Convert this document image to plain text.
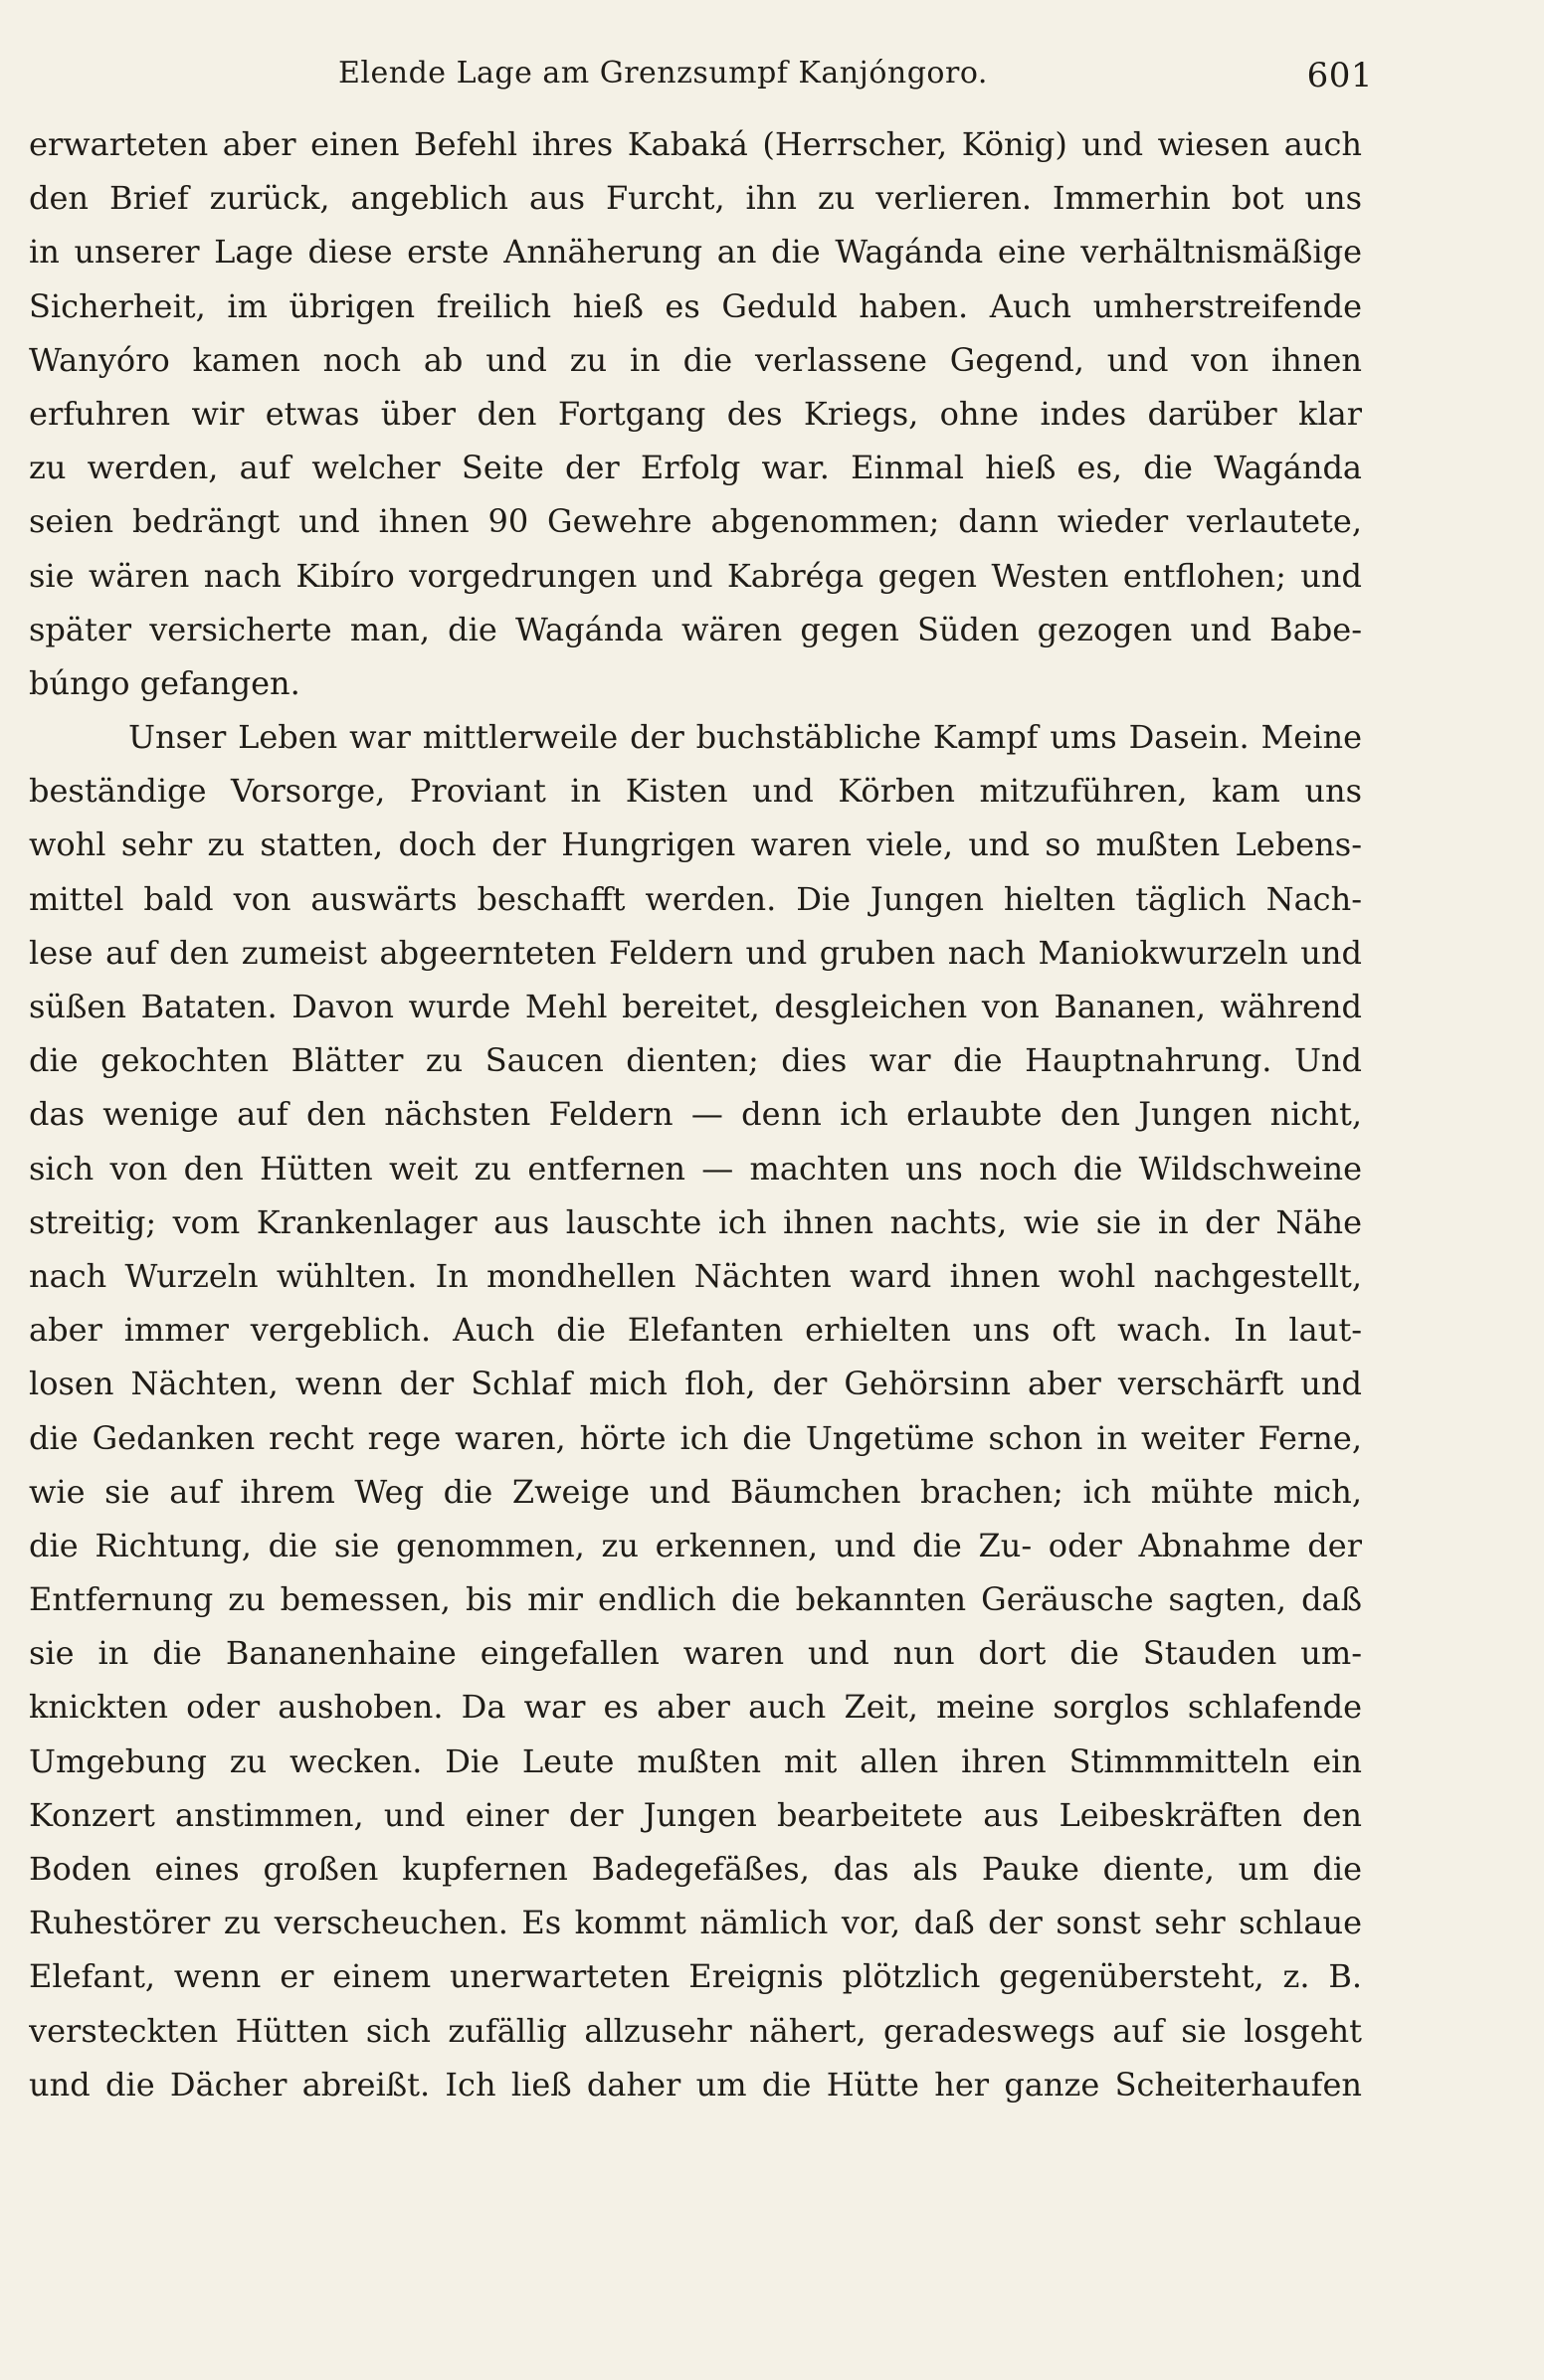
Elende Lage am Grenzsumpf Kanjóngoro.	601
erwarteten aber einen Befehl ihres Kabaká (Herrscher, König) und wiesen auch
den Brief zurück, angeblich aus Furcht, ihn zu verlieren. Immerhin bot uns
in unserer Lage diese erste Annäherung an die Wagánda eine verhältnismäßige
Sicherheit, im übrigen freilich hieß es Geduld haben. Auch umherstreifende
Wanyóro kamen noch ab und zu in die verlassene Gegend, und von ihnen
erfuhren wir etwas über den Fortgang des Kriegs, ohne indes darüber klar
zu werden, auf welcher Seite der Erfolg war. Einmal hieß es, die Wagánda
seien bedrängt und ihnen 90 Gewehre abgenommen; dann wieder verlautete,
sie wären nach Kibíro vorgedrungen und Kabréga gegen Westen entflohen; und
später versicherte man, die Wagánda wären gegen Süden gezogen und Babe-
búngo gefangen.
Unser Leben war mittlerweile der buchstäbliche Kampf ums Dasein. Meine
beständige Vorsorge, Proviant in Kisten und Körben mitzuführen, kam uns
wohl sehr zu statten, doch der Hungrigen waren viele, und so mußten Lebens-
mittel bald von auswärts beschafft werden. Die Jungen hielten täglich Nach-
lese auf den zumeist abgeernteten Feldern und gruben nach Maniokwurzeln und
süßen Bataten. Davon wurde Mehl bereitet, desgleichen von Bananen, während
die gekochten Blätter zu Saucen dienten; dies war die Hauptnahrung. Und
das wenige auf den nächsten Feldern — denn ich erlaubte den Jungen nicht,
sich von den Hütten weit zu entfernen — machten uns noch die Wildschweine
streitig; vom Krankenlager aus lauschte ich ihnen nachts, wie sie in der Nähe
nach Wurzeln wühlten. In mondhellen Nächten ward ihnen wohl nachgestellt,
aber immer vergeblich. Auch die Elefanten erhielten uns oft wach. In laut-
losen Nächten, wenn der Schlaf mich floh, der Gehörsinn aber verschärft und
die Gedanken recht rege waren, hörte ich die Ungetüme schon in weiter Ferne,
wie sie auf ihrem Weg die Zweige und Bäumchen brachen; ich mühte mich,
die Richtung, die sie genommen, zu erkennen, und die Zu- oder Abnahme der
Entfernung zu bemessen, bis mir endlich die bekannten Geräusche sagten, daß
sie in die Bananenhaine eingefallen waren und nun dort die Stauden um-
knickten oder aushoben. Da war es aber auch Zeit, meine sorglos schlafende
Umgebung zu wecken. Die Leute mußten mit allen ihren Stimmmitteln ein
Konzert anstimmen, und einer der Jungen bearbeitete aus Leibeskräften den
Boden eines großen kupfernen Badegefäßes, das als Pauke diente, um die
Ruhestörer zu verscheuchen. Es kommt nämlich vor, daß der sonst sehr schlaue
Elefant, wenn er einem unerwarteten Ereignis plötzlich gegenübersteht, z. B.
versteckten Hütten sich zufällig allzusehr nähert, geradeswegs auf sie losgeht
und die Dächer abreißt. Ich ließ daher um die Hütte her ganze Scheiterhaufen
